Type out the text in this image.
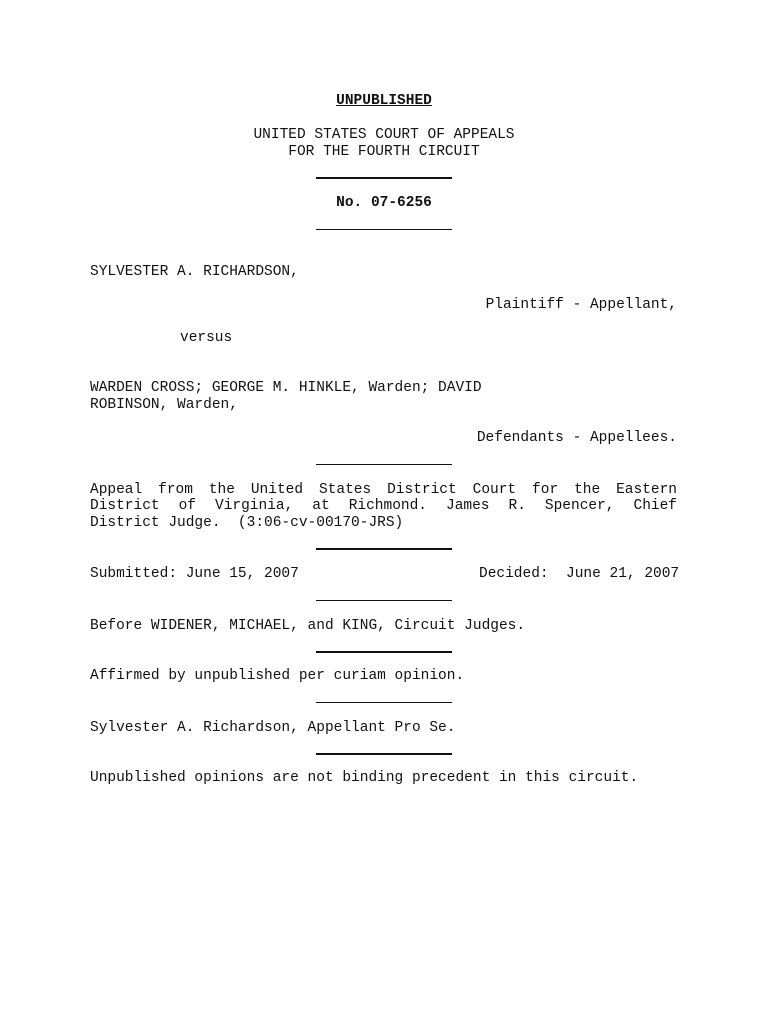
UNPUBLISHED
UNITED STATES COURT OF APPEALS
FOR THE FOURTH CIRCUIT
No. 07-6256
SYLVESTER A. RICHARDSON,
Plaintiff - Appellant,
versus
WARDEN CROSS; GEORGE M. HINKLE, Warden; DAVID
ROBINSON, Warden,
Defendants - Appellees.
Appeal from the United States District Court for the Eastern
District of Virginia, at Richmond. James R. Spencer, Chief
District Judge.  (3:06-cv-00170-JRS)
Submitted: June 15, 2007	Decided:  June 21, 2007
Before WIDENER, MICHAEL, and KING, Circuit Judges.
Affirmed by unpublished per curiam opinion.
Sylvester A. Richardson, Appellant Pro Se.
Unpublished opinions are not binding precedent in this circuit.
